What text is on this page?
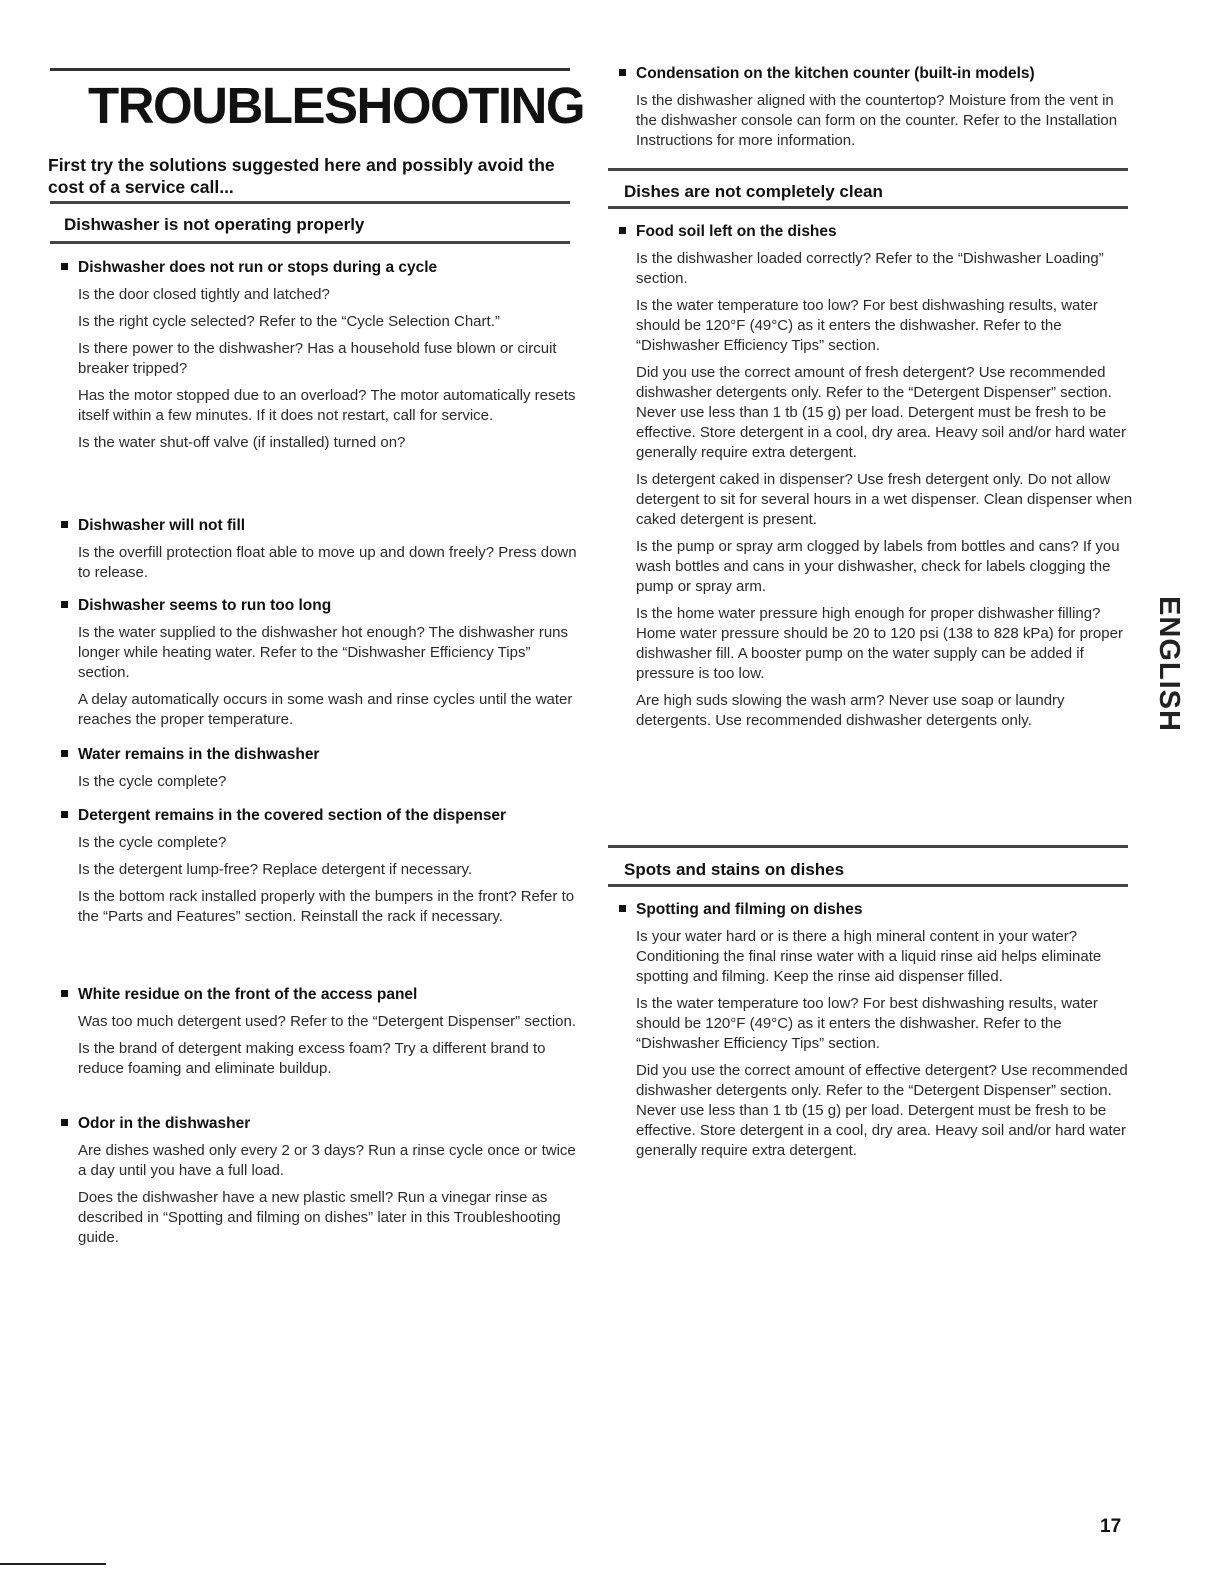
TROUBLESHOOTING
First try the solutions suggested here and possibly avoid the cost of a service call...
Dishwasher is not operating properly
Dishwasher does not run or stops during a cycle
Is the door closed tightly and latched?
Is the right cycle selected? Refer to the “Cycle Selection Chart.”
Is there power to the dishwasher? Has a household fuse blown or circuit breaker tripped?
Has the motor stopped due to an overload? The motor automatically resets itself within a few minutes. If it does not restart, call for service.
Is the water shut-off valve (if installed) turned on?
Dishwasher will not fill
Is the overfill protection float able to move up and down freely? Press down to release.
Dishwasher seems to run too long
Is the water supplied to the dishwasher hot enough? The dishwasher runs longer while heating water. Refer to the “Dishwasher Efficiency Tips” section.
A delay automatically occurs in some wash and rinse cycles until the water reaches the proper temperature.
Water remains in the dishwasher
Is the cycle complete?
Detergent remains in the covered section of the dispenser
Is the cycle complete?
Is the detergent lump-free? Replace detergent if necessary.
Is the bottom rack installed properly with the bumpers in the front? Refer to the “Parts and Features” section. Reinstall the rack if necessary.
White residue on the front of the access panel
Was too much detergent used? Refer to the “Detergent Dispenser” section.
Is the brand of detergent making excess foam? Try a different brand to reduce foaming and eliminate buildup.
Odor in the dishwasher
Are dishes washed only every 2 or 3 days? Run a rinse cycle once or twice a day until you have a full load.
Does the dishwasher have a new plastic smell? Run a vinegar rinse as described in “Spotting and filming on dishes” later in this Troubleshooting guide.
Condensation on the kitchen counter (built-in models)
Is the dishwasher aligned with the countertop? Moisture from the vent in the dishwasher console can form on the counter. Refer to the Installation Instructions for more information.
Dishes are not completely clean
Food soil left on the dishes
Is the dishwasher loaded correctly? Refer to the “Dishwasher Loading” section.
Is the water temperature too low? For best dishwashing results, water should be 120°F (49°C) as it enters the dishwasher. Refer to the “Dishwasher Efficiency Tips” section.
Did you use the correct amount of fresh detergent? Use recommended dishwasher detergents only. Refer to the “Detergent Dispenser” section. Never use less than 1 tb (15 g) per load. Detergent must be fresh to be effective. Store detergent in a cool, dry area. Heavy soil and/or hard water generally require extra detergent.
Is detergent caked in dispenser? Use fresh detergent only. Do not allow detergent to sit for several hours in a wet dispenser. Clean dispenser when caked detergent is present.
Is the pump or spray arm clogged by labels from bottles and cans? If you wash bottles and cans in your dishwasher, check for labels clogging the pump or spray arm.
Is the home water pressure high enough for proper dishwasher filling? Home water pressure should be 20 to 120 psi (138 to 828 kPa) for proper dishwasher fill. A booster pump on the water supply can be added if pressure is too low.
Are high suds slowing the wash arm? Never use soap or laundry detergents. Use recommended dishwasher detergents only.
Spots and stains on dishes
Spotting and filming on dishes
Is your water hard or is there a high mineral content in your water? Conditioning the final rinse water with a liquid rinse aid helps eliminate spotting and filming. Keep the rinse aid dispenser filled.
Is the water temperature too low? For best dishwashing results, water should be 120°F (49°C) as it enters the dishwasher. Refer to the “Dishwasher Efficiency Tips” section.
Did you use the correct amount of effective detergent? Use recommended dishwasher detergents only. Refer to the “Detergent Dispenser” section. Never use less than 1 tb (15 g) per load. Detergent must be fresh to be effective. Store detergent in a cool, dry area. Heavy soil and/or hard water generally require extra detergent.
ENGLISH
17
